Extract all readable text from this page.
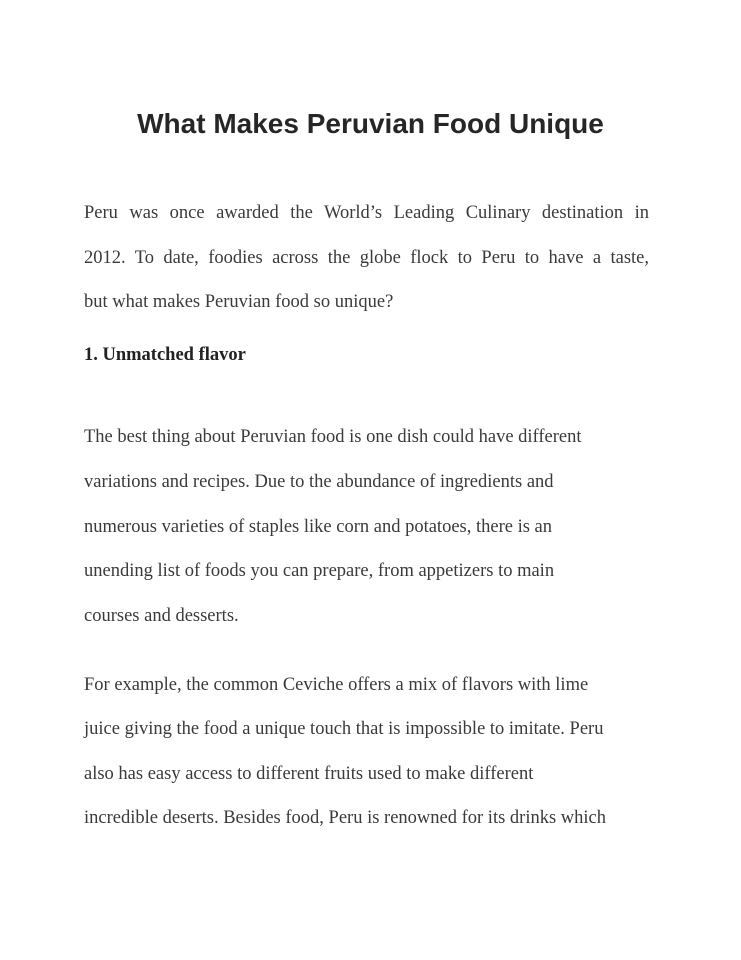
What Makes Peruvian Food Unique
Peru was once awarded the World’s Leading Culinary destination in
2012. To date, foodies across the globe flock to Peru to have a taste,
but what makes Peruvian food so unique?
1. Unmatched flavor
The best thing about Peruvian food is one dish could have different
variations and recipes. Due to the abundance of ingredients and
numerous varieties of staples like corn and potatoes, there is an
unending list of foods you can prepare, from appetizers to main
courses and desserts.
For example, the common Ceviche offers a mix of flavors with lime
juice giving the food a unique touch that is impossible to imitate. Peru
also has easy access to different fruits used to make different
incredible deserts. Besides food, Peru is renowned for its drinks which
